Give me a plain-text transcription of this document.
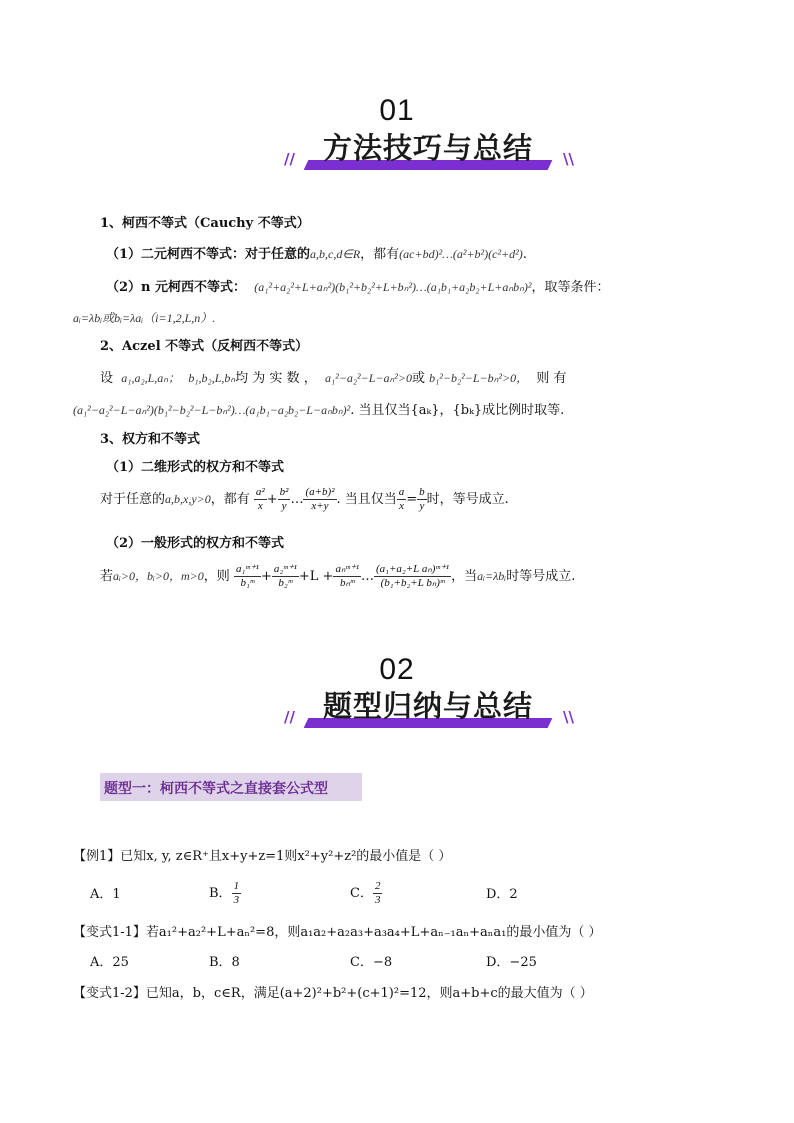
01
方法技巧与总结
//	\\
1、柯西不等式（Cauchy 不等式）
（1）二元柯西不等式：对于任意的a,b,c,d∈R，都有(ac+bd)²…(a²+b²)(c²+d²).
（2）n 元柯西不等式： (a₁²+a₂²+L+aₙ²)(b₁²+b₂²+L+bₙ²)…(a₁b₁+a₂b₂+L+aₙbₙ)²，取等条件：
aᵢ=λbᵢ或bᵢ=λaᵢ（i=1,2,L,n）.
2、Aczel 不等式（反柯西不等式）
设 a₁,a₂,L,aₙ； b₁,b₂,L,bₙ均 为 实 数 ， a₁²−a₂²−L−aₙ²>0或 b₁²−b₂²−L−bₙ²>0， 则 有
(a₁²−a₂²−L−aₙ²)(b₁²−b₂²−L−bₙ²)…(a₁b₁−a₂b₂−L−aₙbₙ)². 当且仅当{aₖ}，{bₖ}成比例时取等.
3、权方和不等式
（1）二维形式的权方和不等式
对于任意的a,b,x,y>0，都有 $\frac{\text{a²}}{x} + \frac{\text{b²}}{y}$ … $\frac{\text{(a+b)²}}{x+y}$ . 当且仅当 $\frac{a}{x} = \frac{b}{y}$ 时，等号成立.
（2）一般形式的权方和不等式
若aᵢ>0，bᵢ>0，m>0，则 $\frac{\text{a₁ᵐ⁺¹}}{\text{b₁ᵐ}} + \frac{\text{a₂ᵐ⁺¹}}{\text{b₂ᵐ}} +L + \frac{\text{aₙᵐ⁺¹}}{\text{bₙᵐ}}$ … $\frac{\text{(a₁+a₂+L aₙ)ᵐ⁺¹}}{\text{(b₁+b₂+L bₙ)ᵐ}}$ ，当aᵢ=λbᵢ时等号成立.
02
题型归纳与总结
//	\\
题型一：柯西不等式之直接套公式型
【例1】已知x, y, z∈R⁺且x+y+z=1则x²+y²+z²的最小值是（ ）
A．1	B． $\frac{1}{3}$	C． $\frac{2}{3}$	D．2
【变式1-1】若a₁²+a₂²+L+aₙ²=8，则a₁a₂+a₂a₃+a₃a₄+L+aₙ₋₁aₙ+aₙa₁的最小值为（ ）
A．25	B．8	C．−8	D．−25
【变式1-2】已知a，b，c∈R，满足(a+2)²+b²+(c+1)²=12，则a+b+c的最大值为（ ）
